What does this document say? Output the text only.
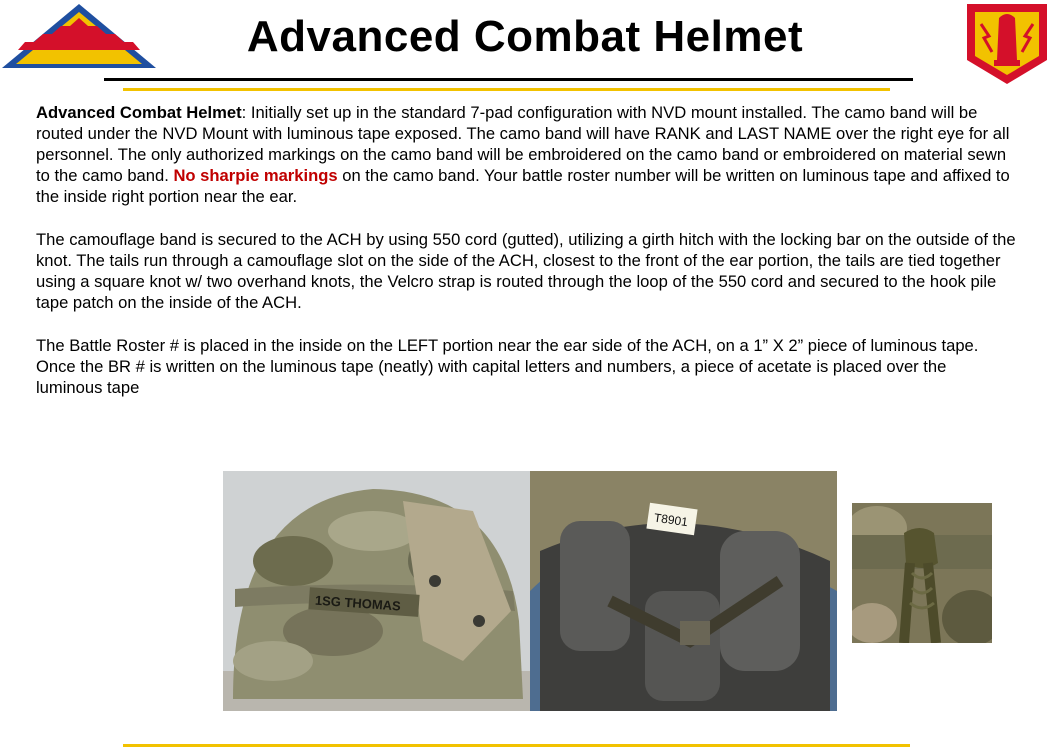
Advanced Combat Helmet

Advanced Combat Helmet: Initially set up in the standard 7-pad configuration with NVD mount installed. The camo band will be routed under the NVD Mount with luminous tape exposed. The camo band will have RANK and LAST NAME over the right eye for all personnel. The only authorized markings on the camo band will be embroidered on the camo band or embroidered on material sewn to the camo band. No sharpie markings on the camo band. Your battle roster number will be written on luminous tape and affixed to the inside right portion near the ear.

The camouflage band is secured to the ACH by using 550 cord (gutted), utilizing a girth hitch with the locking bar on the outside of the knot. The tails run through a camouflage slot on the side of the ACH, closest to the front of the ear portion, the tails are tied together using a square knot w/ two overhand knots, the Velcro strap is routed through the loop of the 550 cord and secured to the hook pile tape patch on the inside of the ACH.

The Battle Roster # is placed in the inside on the LEFT portion near the ear side of the ACH, on a 1” X 2” piece of luminous tape. Once the BR # is written on the luminous tape (neatly) with capital letters and numbers, a piece of acetate is placed over the luminous tape

1SG THOMAS
T8901
